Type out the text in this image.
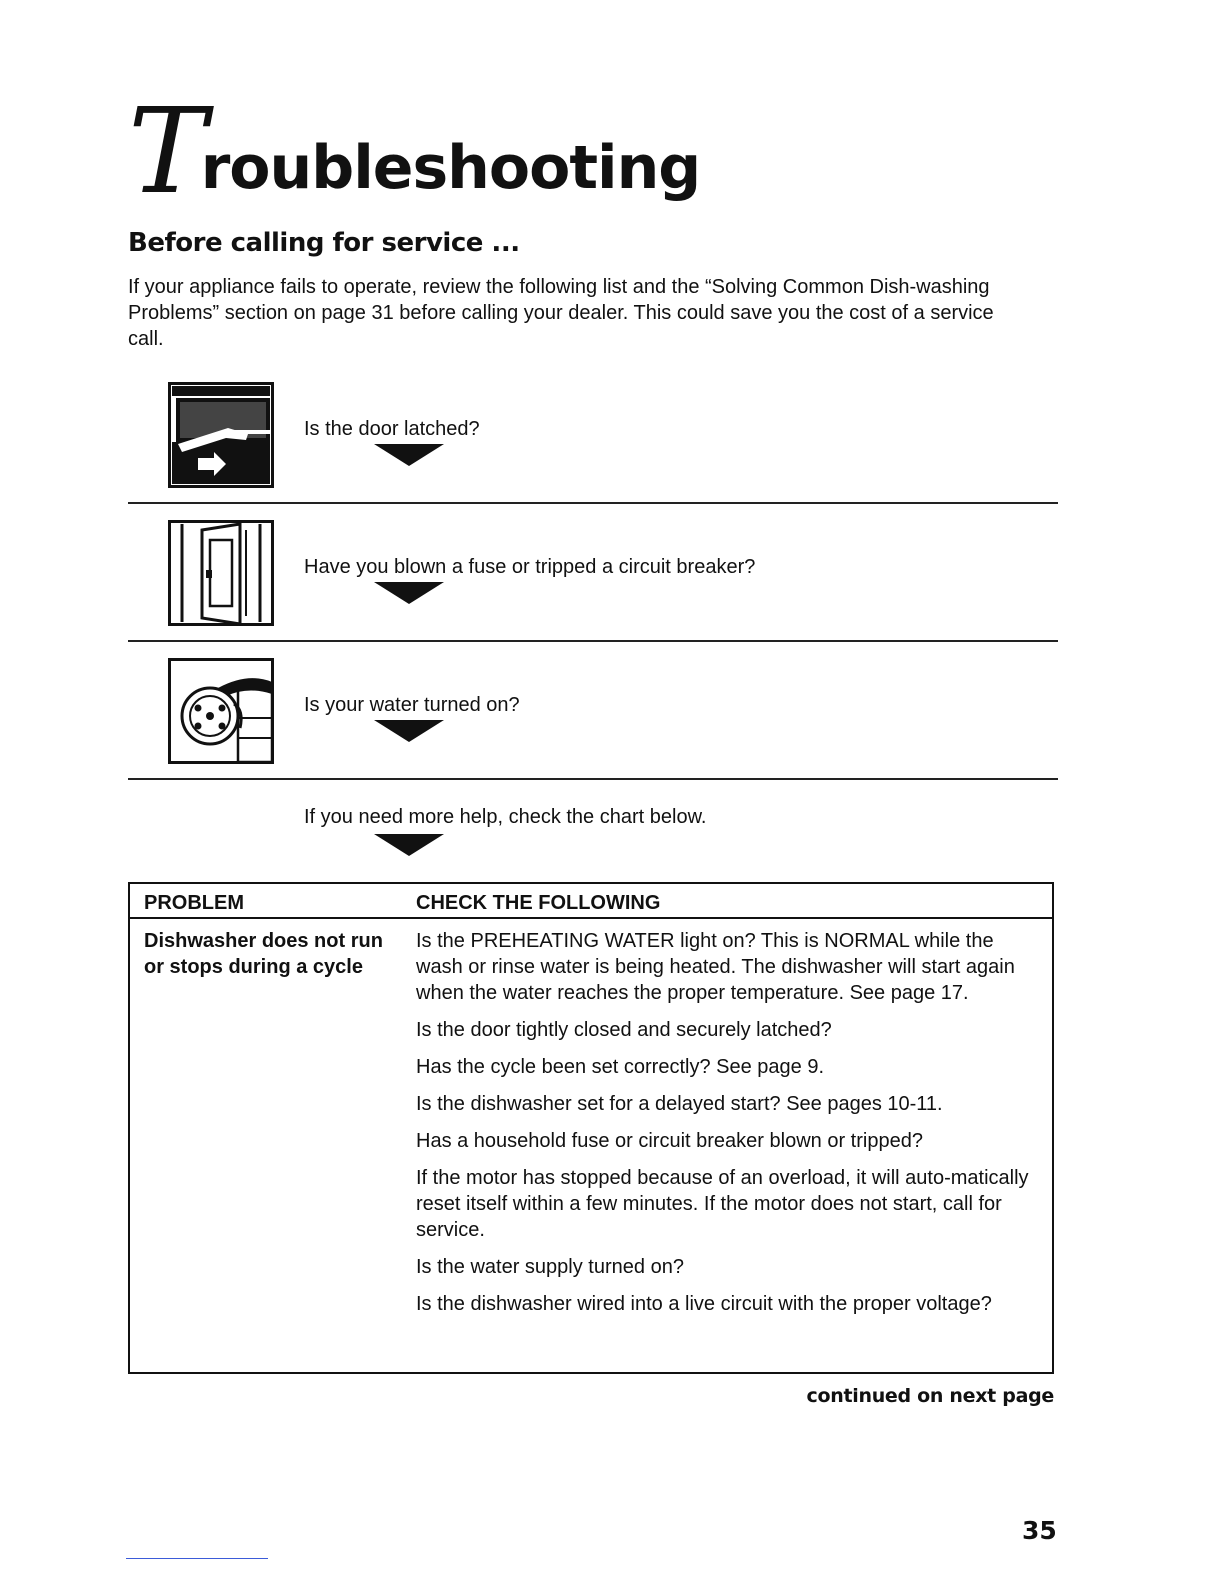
T
roubleshooting
Before calling for service ...
If your appliance fails to operate, review the following list and the “Solving Common Dish-washing Problems” section on page 31 before calling your dealer. This could save you the cost of a service call.
Is the door latched?
Have you blown a fuse or tripped a circuit breaker?
Is your water turned on?
If you need more help, check the chart below.
PROBLEM	CHECK THE FOLLOWING
Dishwasher does not run or stops during a cycle

Is the PREHEATING WATER light on? This is NORMAL while the wash or rinse water is being heated. The dishwasher will start again when the water reaches the proper temperature. See page 17.

Is the door tightly closed and securely latched?

Has the cycle been set correctly? See page 9.

Is the dishwasher set for a delayed start? See pages 10-11.

Has a household fuse or circuit breaker blown or tripped?

If the motor has stopped because of an overload, it will auto-matically reset itself within a few minutes. If the motor does not start, call for service.

Is the water supply turned on?

Is the dishwasher wired into a live circuit with the proper voltage?

continued on next page
35
